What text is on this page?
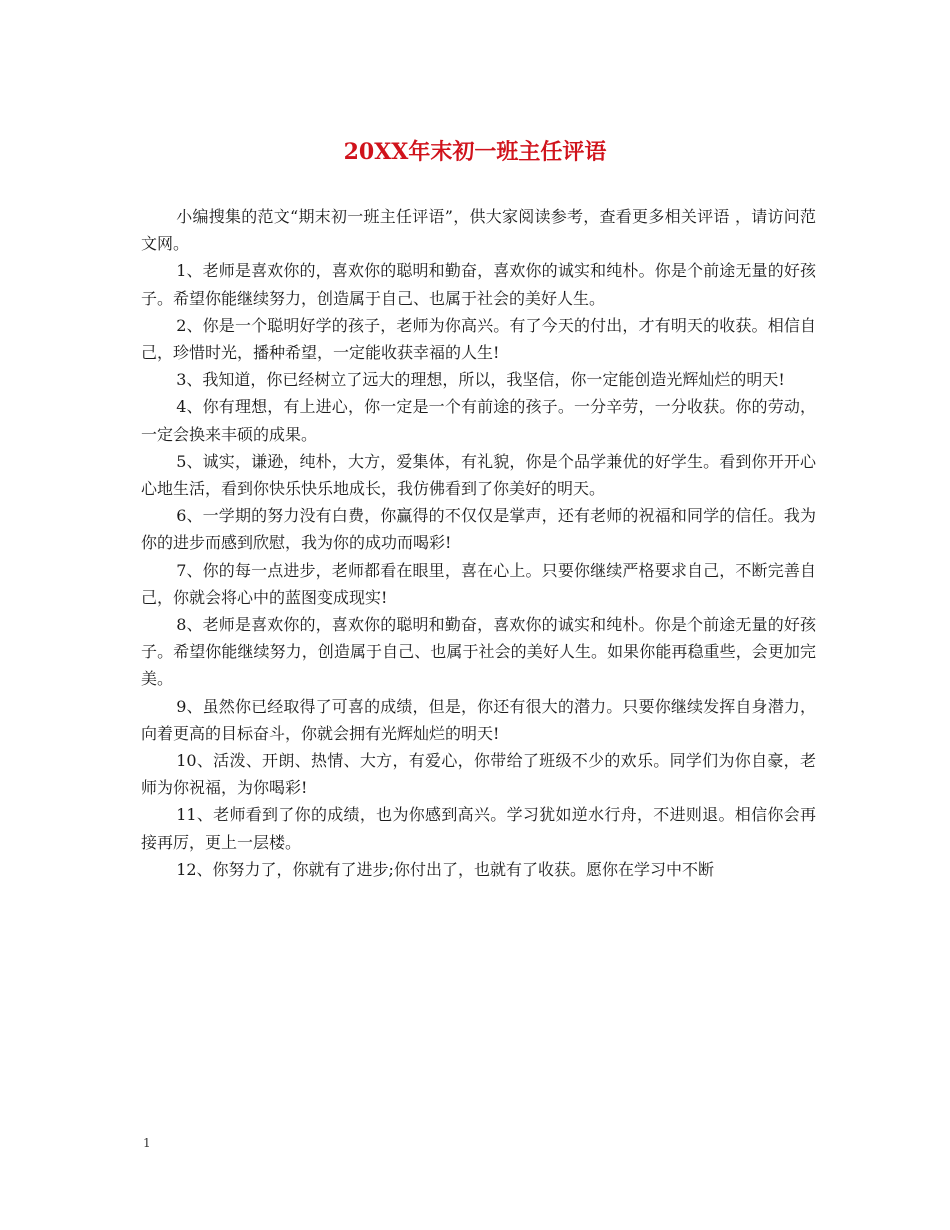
20XX年末初一班主任评语

小编搜集的范文“期末初一班主任评语”，供大家阅读参考，查看更多相关评语 ，请访问范文网。

1、老师是喜欢你的，喜欢你的聪明和勤奋，喜欢你的诚实和纯朴。你是个前途无量的好孩子。希望你能继续努力，创造属于自己、也属于社会的美好人生。

2、你是一个聪明好学的孩子，老师为你高兴。有了今天的付出，才有明天的收获。相信自己，珍惜时光，播种希望，一定能收获幸福的人生!

3、我知道，你已经树立了远大的理想，所以，我坚信，你一定能创造光辉灿烂的明天!

4、你有理想，有上进心，你一定是一个有前途的孩子。一分辛劳，一分收获。你的劳动，一定会换来丰硕的成果。

5、诚实，谦逊，纯朴，大方，爱集体，有礼貌，你是个品学兼优的好学生。看到你开开心心地生活，看到你快乐快乐地成长，我仿佛看到了你美好的明天。

6、一学期的努力没有白费，你赢得的不仅仅是掌声，还有老师的祝福和同学的信任。我为你的进步而感到欣慰，我为你的成功而喝彩!

7、你的每一点进步，老师都看在眼里，喜在心上。只要你继续严格要求自己，不断完善自己，你就会将心中的蓝图变成现实!

8、老师是喜欢你的，喜欢你的聪明和勤奋，喜欢你的诚实和纯朴。你是个前途无量的好孩子。希望你能继续努力，创造属于自己、也属于社会的美好人生。如果你能再稳重些，会更加完美。

9、虽然你已经取得了可喜的成绩，但是，你还有很大的潜力。只要你继续发挥自身潜力，向着更高的目标奋斗，你就会拥有光辉灿烂的明天!

10、活泼、开朗、热情、大方，有爱心，你带给了班级不少的欢乐。同学们为你自豪，老师为你祝福，为你喝彩!

11、老师看到了你的成绩，也为你感到高兴。学习犹如逆水行舟，不进则退。相信你会再接再厉，更上一层楼。

12、你努力了，你就有了进步;你付出了，也就有了收获。愿你在学习中不断

1
